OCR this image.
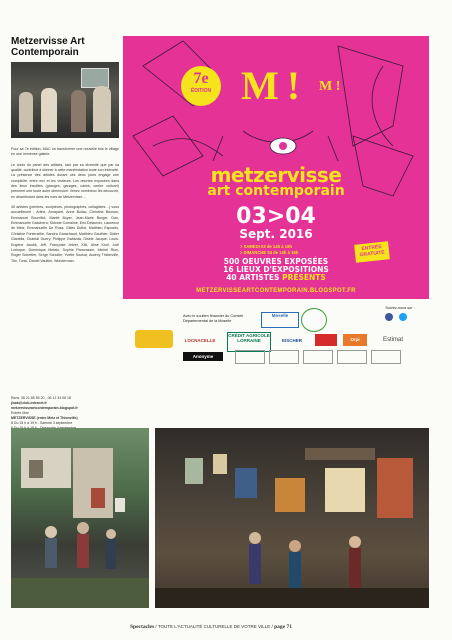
Metzervisse Art
Contemporain

Pour sa 7e édition, MAC va transformer une nouvelle fois le village en une immense galerie.

Le choix du panel des artistes, tant par sa diversité que par sa qualité, contribue à donner à cette manifestation toute son intensité. La présence des artistes durant ces deux jours engage une complicité, entre eux et les visiteurs. Les œuvres exposées dans des lieux insolites (granges, garages, caves, centre culturel) prennent une toute autre dimension. Venez nombreux les découvrir, en déambulant dans les rues de Metzervisse…

40 artistes (peintres, sculpteurs, photographes, collagistes…) vous accueilleront : Arline, Arnaywel, Anne Boilac, Christine Brioson, Emmanuel Bourrillot, Marité Boyer, Jean-Marie Burger, Dan, Emmanuelle Gaschera, Sidonie Comaline, Eric Delacroix, Laurence de Metz, Emmanuelle De Rosa, Gilles Duflot, Matthieu Esposito, Christine Fonteneille, Sandra Garachaud, Matthieu Gauthier, Didier Gianella, Chantal Guery, Philippe Gwiazda, Gisèle Jacque, Louis-Eugène Jandik, Jeff, Françoise Jetzer, Kiki, Aline Kroll, Joël Lorinque, Dominique Metais, Sophie Pancrassin, Michel Rion, Roger Schettler, Serge Scholler, Yvette Sookar, Audrey Thiberville, Tito, Tonic, Daniel Vaultier, Wunderman.

Rens. 06 21 65 59 20 - 06 12 34 06 18
jlsak@club-internet.fr
metzervisseartcontemporain.blogspot.fr
Entrée libre
METZERVISSE (entre Metz et Thionville)
8 Du 15 h à 19 h - Samedi 3 septembre
7e
ÉDITION M ! M !
metzervisse
art contemporain
03>04
Sept. 2016
> SAMEDI 03 de 14h à 19h
> DIMANCHE 04 de 13h à 18h
ENTRÉE
GRATUITE
500 OEUVRES EXPOSÉES
16 LIEUX D'EXPOSITIONS
40 ARTISTES PRÉSENTS
METZERVISSEARTCONTEMPORAIN.BLOGSPOT.FR
Avec le soutien financier du Conseil Départemental de la Moselle
Moselle
Suivez-nous sur :
LOCNACELLE
CRÉDIT AGRICOLE LORRAINE	EISCHER	Orpi	Estimat
Anonyme
Spectacles / TOUTE L'ACTUALITÉ CULTURELLE DE VOTRE VILLE / page 71
